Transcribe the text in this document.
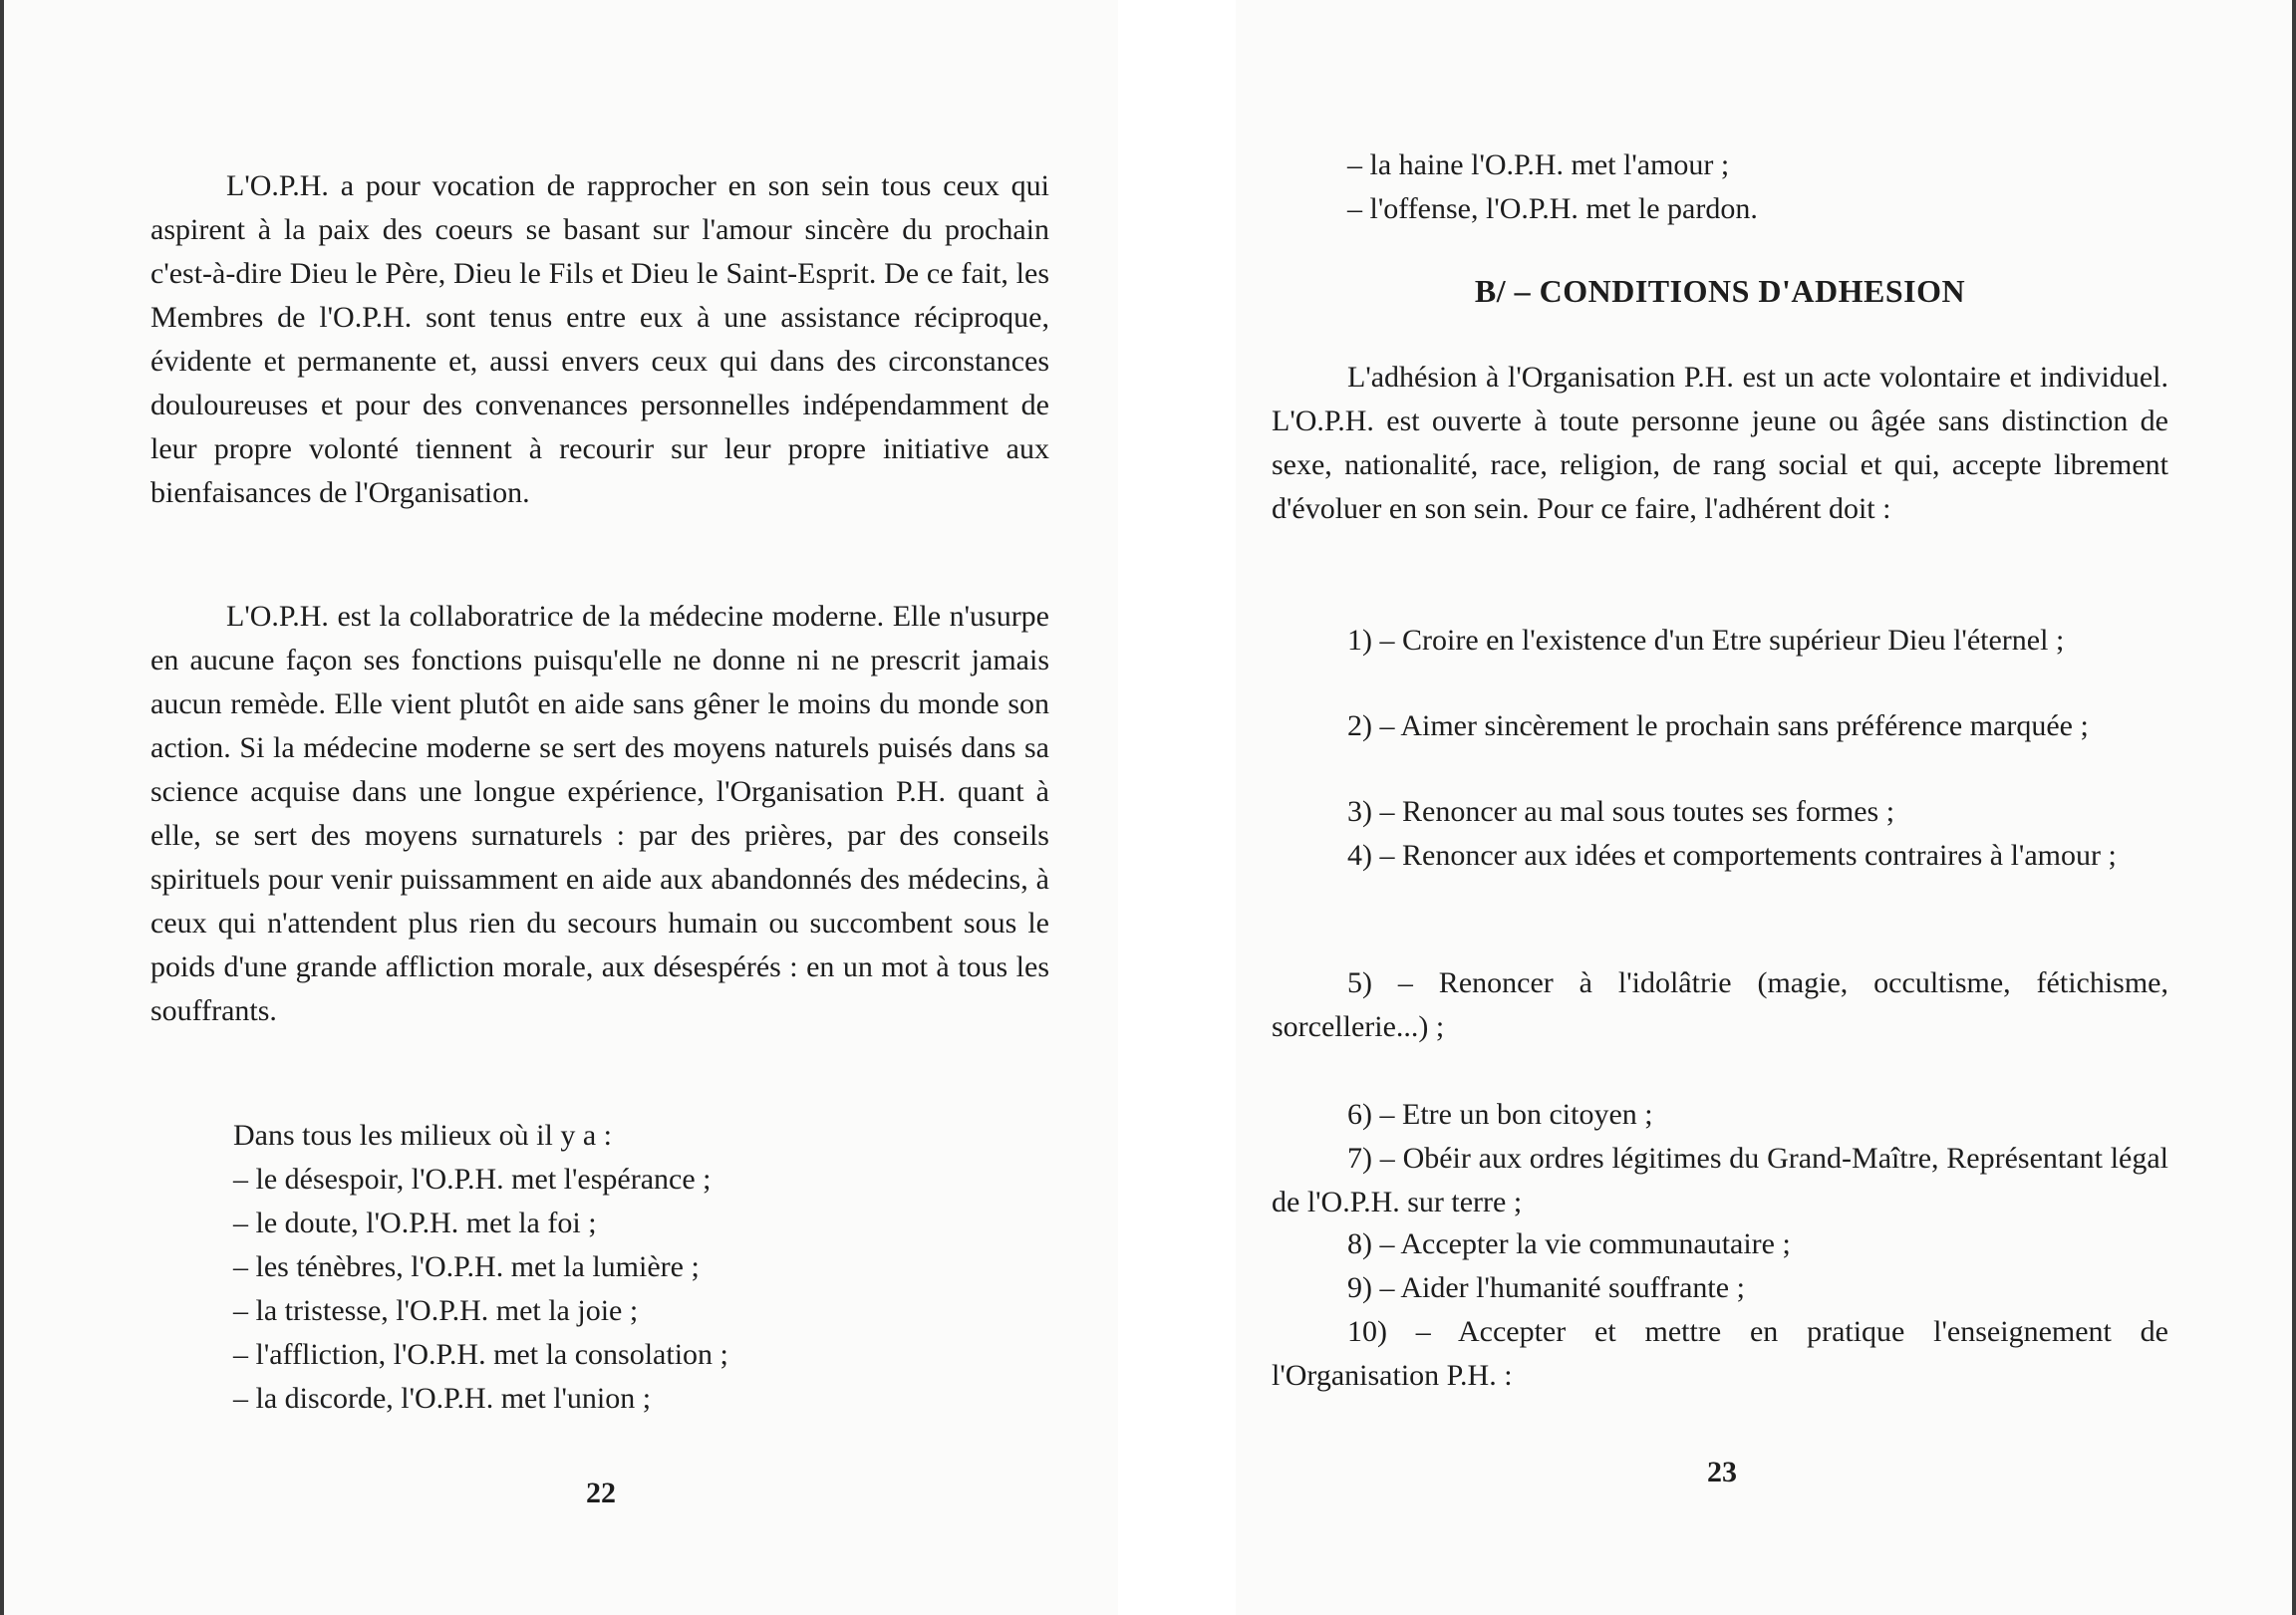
L'O.P.H. a pour vocation de rapprocher en son sein tous ceux qui aspirent à la paix des coeurs se basant sur l'amour sincère du prochain c'est-à-dire Dieu le Père, Dieu le Fils et Dieu le Saint-Esprit. De ce fait, les Membres de l'O.P.H. sont tenus entre eux à une assistance réciproque, évidente et permanente et, aussi envers ceux qui dans des circonstances douloureuses et pour des convenances personnelles indépendamment de leur propre volonté tiennent à recourir sur leur propre initiative aux bienfaisances de l'Organisation.

L'O.P.H. est la collaboratrice de la médecine moderne. Elle n'usurpe en aucune façon ses fonctions puisqu'elle ne donne ni ne prescrit jamais aucun remède. Elle vient plutôt en aide sans gêner le moins du monde son action. Si la médecine moderne se sert des moyens naturels puisés dans sa science acquise dans une longue expérience, l'Organisation P.H. quant à elle, se sert des moyens surnaturels : par des prières, par des conseils spirituels pour venir puissamment en aide aux abandonnés des médecins, à ceux qui n'attendent plus rien du secours humain ou succombent sous le poids d'une grande affliction morale, aux désespérés : en un mot à tous les souffrants.

Dans tous les milieux où il y a :
– le désespoir, l'O.P.H. met l'espérance ;
– le doute, l'O.P.H. met la foi ;
– les ténèbres, l'O.P.H. met la lumière ;
– la tristesse, l'O.P.H. met la joie ;
– l'affliction, l'O.P.H. met la consolation ;
– la discorde, l'O.P.H. met l'union ;
22
– la haine l'O.P.H. met l'amour ;
– l'offense, l'O.P.H. met le pardon.
B/ – CONDITIONS D'ADHESION

L'adhésion à l'Organisation P.H. est un acte volontaire et individuel. L'O.P.H. est ouverte à toute personne jeune ou âgée sans distinction de sexe, nationalité, race, religion, de rang social et qui, accepte librement d'évoluer en son sein. Pour ce faire, l'adhérent doit :

1) – Croire en l'existence d'un Etre supérieur Dieu l'éternel ;

2) – Aimer sincèrement le prochain sans préférence marquée ;

3) – Renoncer au mal sous toutes ses formes ;

4) – Renoncer aux idées et comportements contraires à l'amour ;

5) – Renoncer à l'idolâtrie (magie, occultisme, fétichisme, sorcellerie...) ;

6) – Etre un bon citoyen ;

7) – Obéir aux ordres légitimes du Grand-Maître, Représentant légal de l'O.P.H. sur terre ;

8) – Accepter la vie communautaire ;

9) – Aider l'humanité souffrante ;

10) – Accepter et mettre en pratique l'enseignement de l'Organisation P.H. :

23
